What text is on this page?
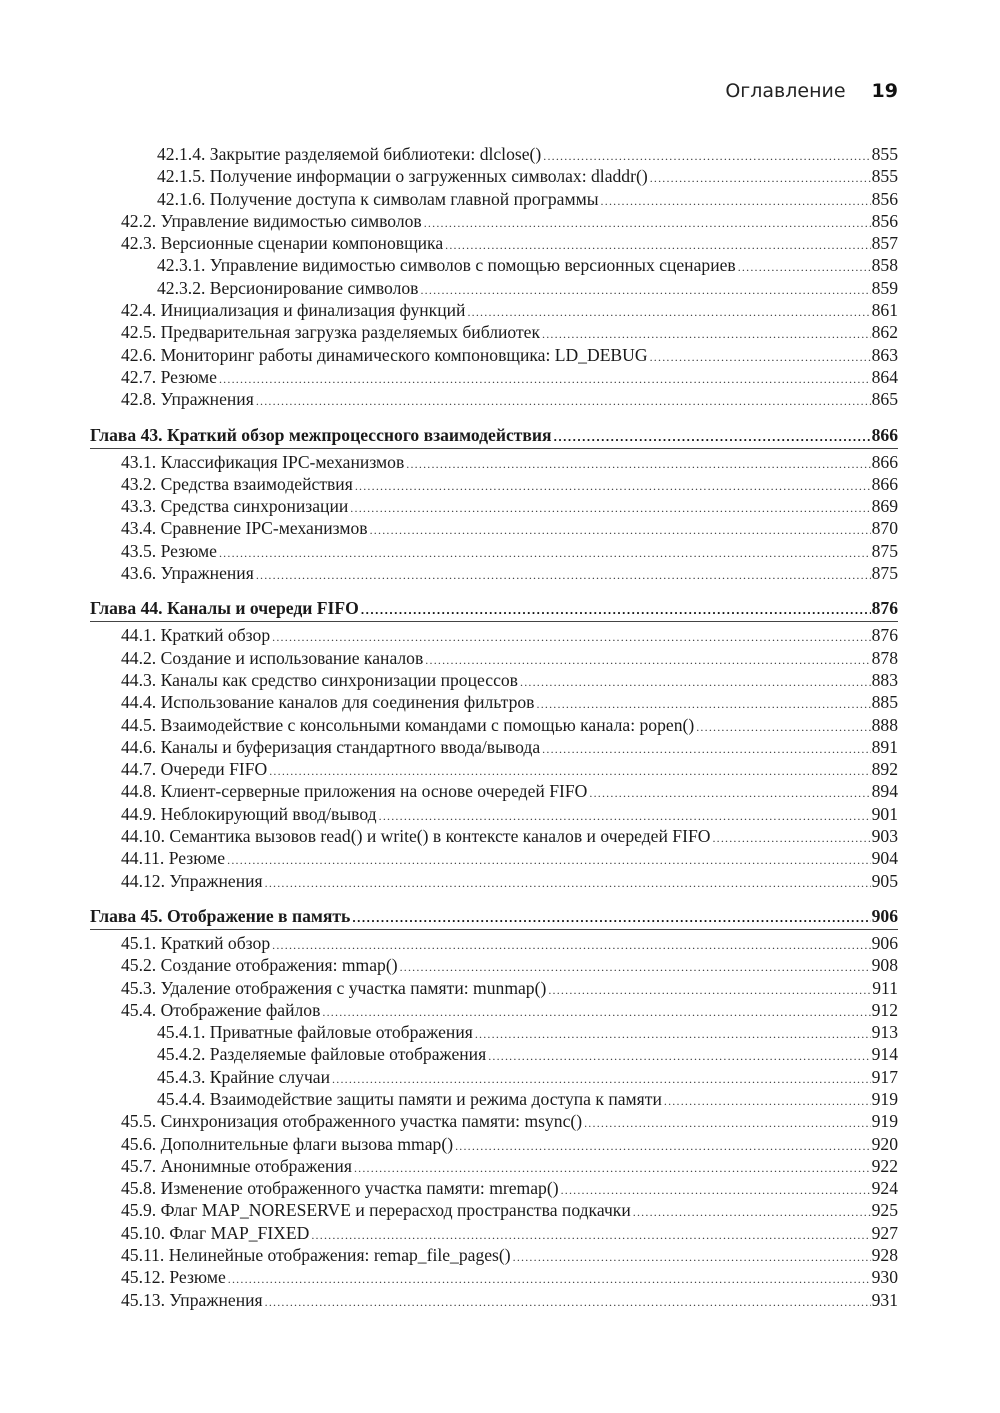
Оглавление 19
42.1.4. Закрытие разделяемой библиотеки: dlclose() .....	855
42.1.5. Получение информации о загруженных символах: dladdr() .....	855
42.1.6. Получение доступа к символам главной программы .....	856
42.2. Управление видимостью символов .....	856
42.3. Версионные сценарии компоновщика .....	857
42.3.1. Управление видимостью символов с помощью версионных сценариев .....	858
42.3.2. Версионирование символов .....	859
42.4. Инициализация и финализация функций .....	861
42.5. Предварительная загрузка разделяемых библиотек .....	862
42.6. Мониторинг работы динамического компоновщика: LD_DEBUG .....	863
42.7. Резюме .....	864
42.8. Упражнения .....	865
Глава 43. Краткий обзор межпроцессного взаимодействия .....	866
43.1. Классификация IPC-механизмов .....	866
43.2. Средства взаимодействия .....	866
43.3. Средства синхронизации .....	869
43.4. Сравнение IPC-механизмов .....	870
43.5. Резюме .....	875
43.6. Упражнения .....	875
Глава 44. Каналы и очереди FIFO .....	876
44.1. Краткий обзор .....	876
44.2. Создание и использование каналов .....	878
44.3. Каналы как средство синхронизации процессов .....	883
44.4. Использование каналов для соединения фильтров .....	885
44.5. Взаимодействие с консольными командами с помощью канала: popen() .....	888
44.6. Каналы и буферизация стандартного ввода/вывода .....	891
44.7. Очереди FIFO .....	892
44.8. Клиент-серверные приложения на основе очередей FIFO .....	894
44.9. Неблокирующий ввод/вывод .....	901
44.10. Семантика вызовов read() и write() в контексте каналов и очередей FIFO .....	903
44.11. Резюме .....	904
44.12. Упражнения .....	905
Глава 45. Отображение в память .....	906
45.1. Краткий обзор .....	906
45.2. Создание отображения: mmap() .....	908
45.3. Удаление отображения с участка памяти: munmap() .....	911
45.4. Отображение файлов .....	912
45.4.1. Приватные файловые отображения .....	913
45.4.2. Разделяемые файловые отображения .....	914
45.4.3. Крайние случаи .....	917
45.4.4. Взаимодействие защиты памяти и режима доступа к памяти .....	919
45.5. Синхронизация отображенного участка памяти: msync() .....	919
45.6. Дополнительные флаги вызова mmap() .....	920
45.7. Анонимные отображения .....	922
45.8. Изменение отображенного участка памяти: mremap() .....	924
45.9. Флаг MAP_NORESERVE и перерасход пространства подкачки .....	925
45.10. Флаг MAP_FIXED .....	927
45.11. Нелинейные отображения: remap_file_pages() .....	928
45.12. Резюме .....	930
45.13. Упражнения .....	931
